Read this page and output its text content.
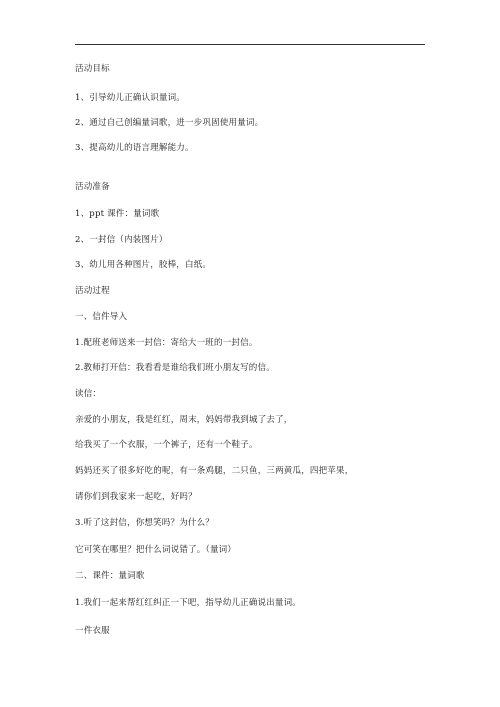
活动目标
1、引导幼儿正确认识量词。
2、通过自己创编量词歌，进一步巩固使用量词。
3、提高幼儿的语言理解能力。
活动准备
1、ppt 课件：量词歌
2、一封信（内装图片）
3、幼儿用各种图片，胶棒，白纸。
活动过程
一、信件导入
1.配班老师送来一封信：寄给大一班的一封信。
2.教师打开信：我看看是谁给我们班小朋友写的信。
读信：
亲爱的小朋友，我是红红，周末，妈妈带我到城了去了，
给我买了一个衣服，一个裤子，还有一个鞋子。
妈妈还买了很多好吃的呢，有一条鸡腿，二只鱼，三两黄瓜，四把苹果，
请你们到我家来一起吃，好吗？
3.听了这封信，你想笑吗？为什么？
它可笑在哪里？把什么词说错了。（量词）
二、课件：量词歌
1.我们一起来帮红红纠正一下吧，指导幼儿正确说出量词。
一件衣服
